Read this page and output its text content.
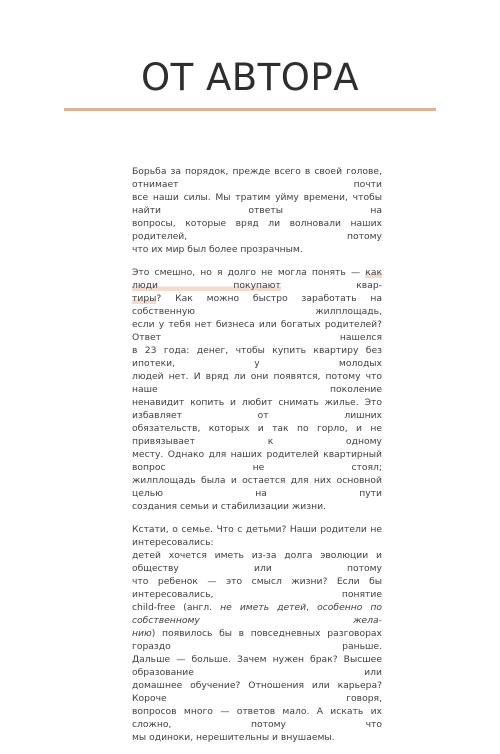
ОТ АВТОРА

Борьба за порядок, прежде всего в своей голове, отнимает почти
все наши силы. Мы тратим уйму времени, чтобы найти ответы на
вопросы, которые вряд ли волновали наших родителей, потому
что их мир был более прозрачным.

Это смешно, но я долго не могла понять — как люди покупают квар-
тиры? Как можно быстро заработать на собственную жилплощадь,
если у тебя нет бизнеса или богатых родителей? Ответ нашелся
в 23 года: денег, чтобы купить квартиру без ипотеки, у молодых
людей нет. И вряд ли они появятся, потому что наше поколение
ненавидит копить и любит снимать жилье. Это избавляет от лишних
обязательств, которых и так по горло, и не привязывает к одному
месту. Однако для наших родителей квартирный вопрос не стоял;
жилплощадь была и остается для них основной целью на пути
создания семьи и стабилизации жизни.

Кстати, о семье. Что с детьми? Наши родители не интересовались:
детей хочется иметь из-за долга эволюции и обществу или потому
что ребенок — это смысл жизни? Если бы интересовались, понятие
child-free (англ. не иметь детей, особенно по собственному жела-
нию) появилось бы в повседневных разговорах гораздо раньше.
Дальше — больше. Зачем нужен брак? Высшее образование или
домашнее обучение? Отношения или карьера? Короче говоря,
вопросов много — ответов мало. А искать их сложно, потому что
мы одиноки, нерешительны и внушаемы.
